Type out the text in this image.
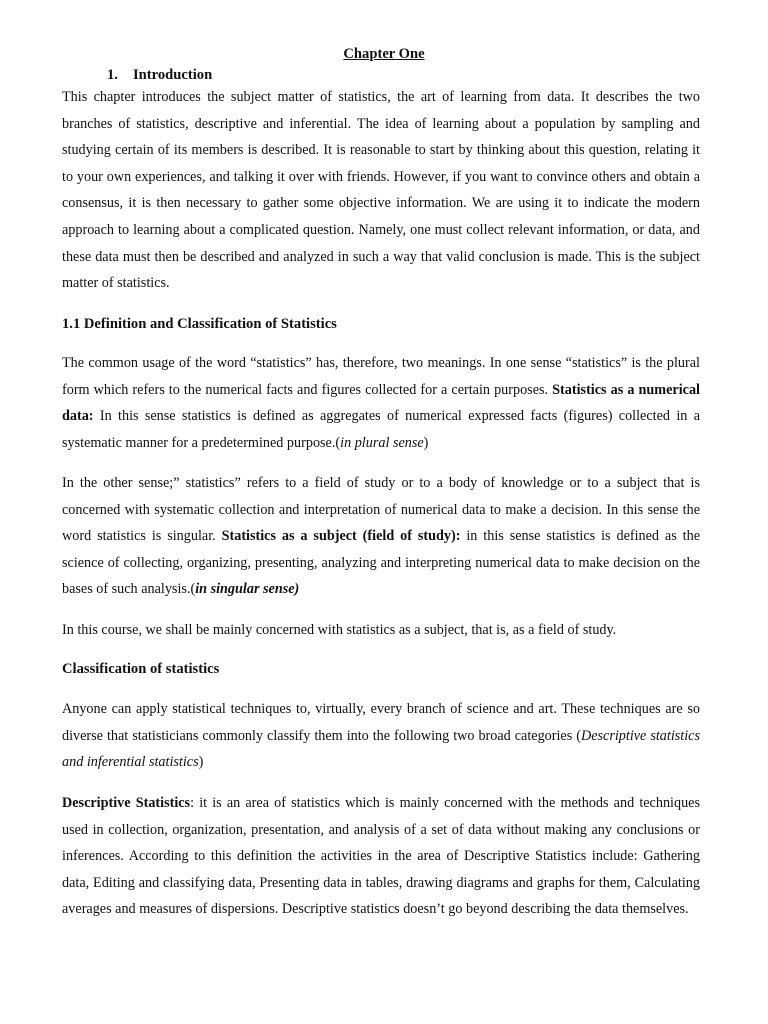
Chapter One
1. Introduction

This chapter introduces the subject matter of statistics, the art of learning from data. It describes the two branches of statistics, descriptive and inferential. The idea of learning about a population by sampling and studying certain of its members is described. It is reasonable to start by thinking about this question, relating it to your own experiences, and talking it over with friends. However, if you want to convince others and obtain a consensus, it is then necessary to gather some objective information. We are using it to indicate the modern approach to learning about a complicated question. Namely, one must collect relevant information, or data, and these data must then be described and analyzed in such a way that valid conclusion is made. This is the subject matter of statistics.

1.1 Definition and Classification of Statistics

The common usage of the word “statistics” has, therefore, two meanings. In one sense “statistics” is the plural form which refers to the numerical facts and figures collected for a certain purposes. Statistics as a numerical data: In this sense statistics is defined as aggregates of numerical expressed facts (figures) collected in a systematic manner for a predetermined purpose.(in plural sense)

In the other sense;” statistics” refers to a field of study or to a body of knowledge or to a subject that is concerned with systematic collection and interpretation of numerical data to make a decision. In this sense the word statistics is singular. Statistics as a subject (field of study): in this sense statistics is defined as the science of collecting, organizing, presenting, analyzing and interpreting numerical data to make decision on the bases of such analysis.(in singular sense)

In this course, we shall be mainly concerned with statistics as a subject, that is, as a field of study.

Classification of statistics

Anyone can apply statistical techniques to, virtually, every branch of science and art. These techniques are so diverse that statisticians commonly classify them into the following two broad categories (Descriptive statistics and inferential statistics)

Descriptive Statistics: it is an area of statistics which is mainly concerned with the methods and techniques used in collection, organization, presentation, and analysis of a set of data without making any conclusions or inferences. According to this definition the activities in the area of Descriptive Statistics include: Gathering data, Editing and classifying data, Presenting data in tables, drawing diagrams and graphs for them, Calculating averages and measures of dispersions. Descriptive statistics doesn’t go beyond describing the data themselves.
